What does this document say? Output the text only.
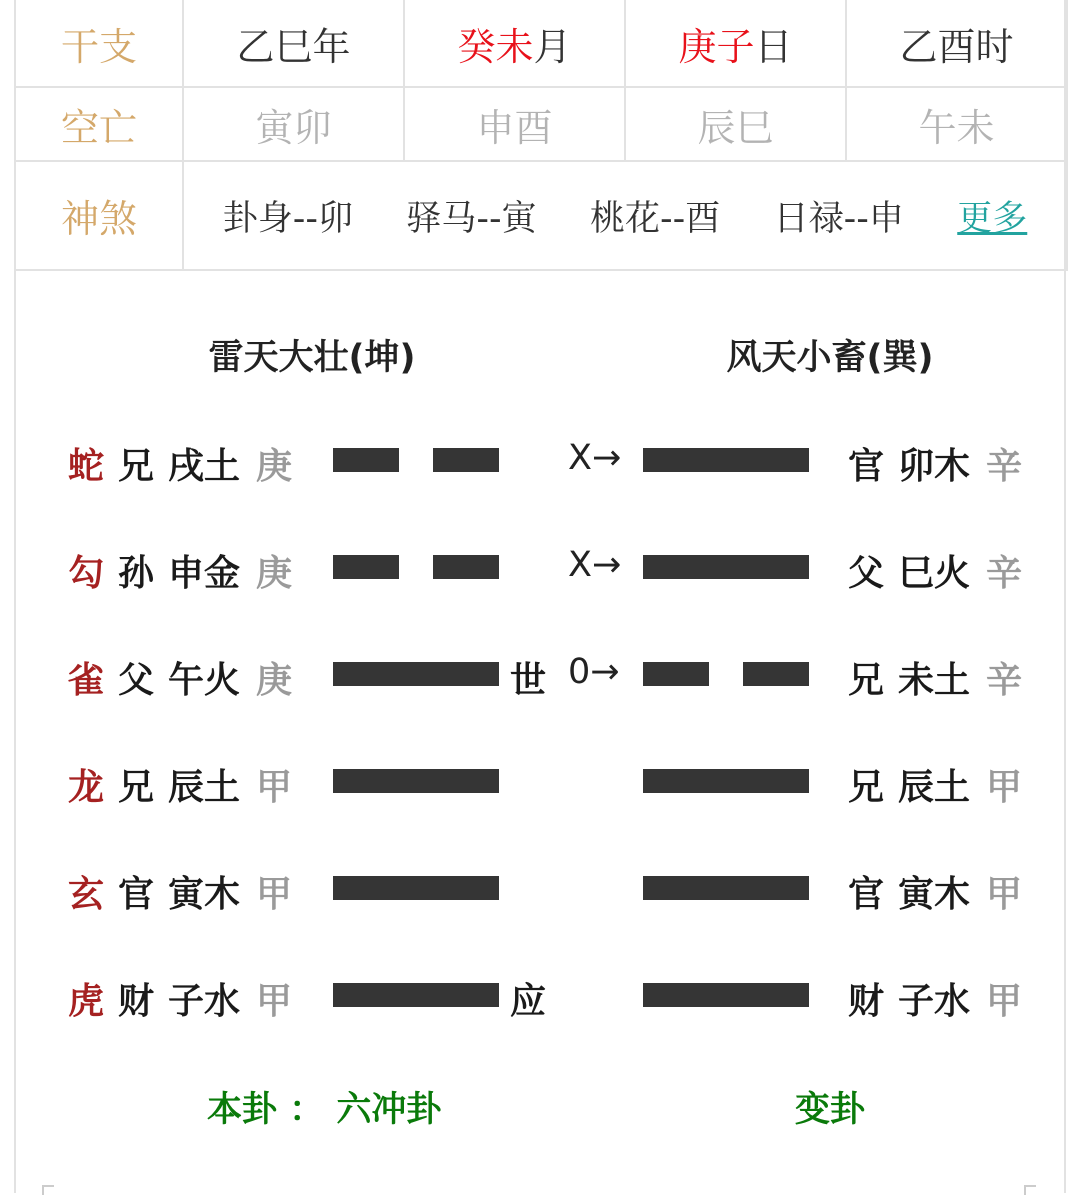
干支	乙巳年	癸未月	庚子日	乙酉时
空亡	寅卯	申酉	辰巳	午未
神煞	卦身--卯 驿马--寅 桃花--酉 日禄--申 更多			
雷天大壮(坤)	风天小畜(巽)
蛇 兄 戌土 庚	X→	官 卯木 辛
勾 孙 申金 庚	X→	父 巳火 辛
雀 父 午火 庚	世 0→	兄 未土 辛
龙 兄 辰土 甲	兄 辰土 甲
玄 官 寅木 甲	官 寅木 甲
虎 财 子水 甲	应	财 子水 甲
本卦 ： 六冲卦	变卦
